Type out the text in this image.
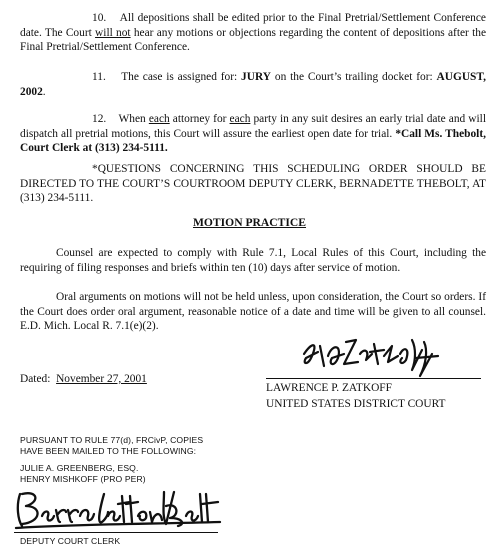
10. All depositions shall be edited prior to the Final Pretrial/Settlement Conference date. The Court will not hear any motions or objections regarding the content of depositions after the Final Pretrial/Settlement Conference.
11. The case is assigned for: JURY on the Court’s trailing docket for: AUGUST, 2002.
12. When each attorney for each party in any suit desires an early trial date and will dispatch all pretrial motions, this Court will assure the earliest open date for trial. *Call Ms. Thebolt, Court Clerk at (313) 234-5111.
*QUESTIONS CONCERNING THIS SCHEDULING ORDER SHOULD BE DIRECTED TO THE COURT’S COURTROOM DEPUTY CLERK, BERNADETTE THEBOLT, AT (313) 234-5111.
MOTION PRACTICE
Counsel are expected to comply with Rule 7.1, Local Rules of this Court, including the requiring of filing responses and briefs within ten (10) days after service of motion.
Oral arguments on motions will not be held unless, upon consideration, the Court so orders. If the Court does order oral argument, reasonable notice of a date and time will be given to all counsel. E.D. Mich. Local R. 7.1(e)(2).
Dated: November 27, 2001
LAWRENCE P. ZATKOFF
UNITED STATES DISTRICT COURT
PURSUANT TO RULE 77(d), FRCivP, COPIES
HAVE BEEN MAILED TO THE FOLLOWING:
JULIE A. GREENBERG, ESQ.
HENRY MISHKOFF (PRO PER)
DEPUTY COURT CLERK
